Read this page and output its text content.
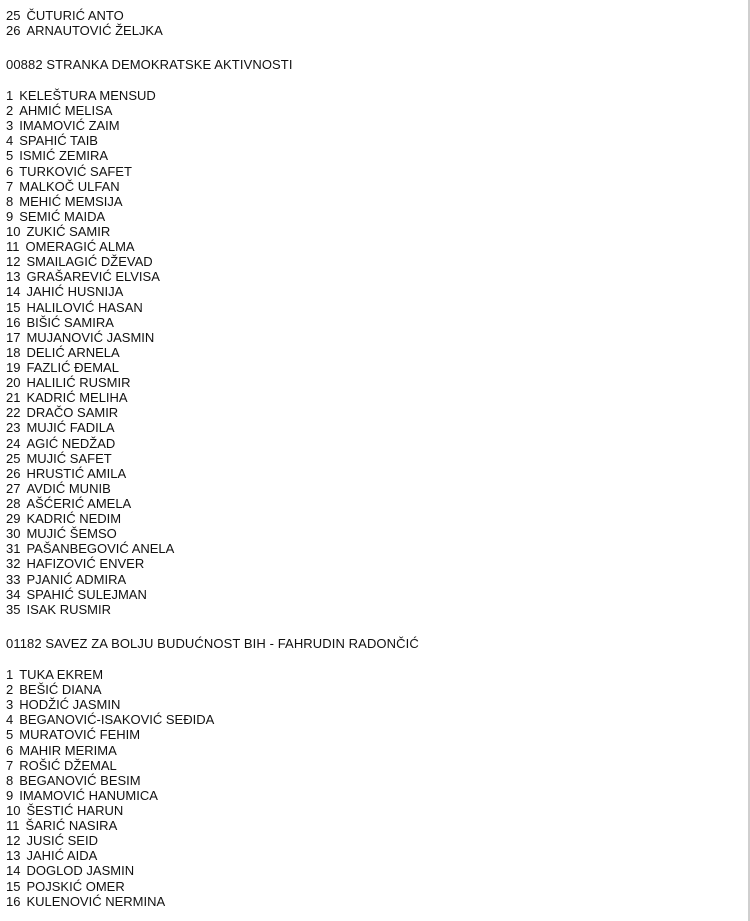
25 ČUTURIĆ ANTO
26 ARNAUTOVIĆ ŽELJKA
00882 STRANKA DEMOKRATSKE AKTIVNOSTI
1 KELEŠTURA MENSUD
2 AHMIĆ MELISA
3 IMAMOVIĆ ZAIM
4 SPAHIĆ TAIB
5 ISMIĆ ZEMIRA
6 TURKOVIĆ SAFET
7 MALKOČ ULFAN
8 MEHIĆ MEMSIJA
9 SEMIĆ MAIDA
10 ZUKIĆ SAMIR
11 OMERAGIĆ ALMA
12 SMAILAGIĆ DŽEVAD
13 GRAŠAREVIĆ ELVISA
14 JAHIĆ HUSNIJA
15 HALILOVIĆ HASAN
16 BIŠIĆ SAMIRA
17 MUJANOVIĆ JASMIN
18 DELIĆ ARNELA
19 FAZLIĆ ĐEMAL
20 HALILIĆ RUSMIR
21 KADRIĆ MELIHA
22 DRAČO SAMIR
23 MUJIĆ FADILA
24 AGIĆ NEDŽAD
25 MUJIĆ SAFET
26 HRUSTIĆ AMILA
27 AVDIĆ MUNIB
28 AŠĆERIĆ AMELA
29 KADRIĆ NEDIM
30 MUJIĆ ŠEMSO
31 PAŠANBEGOVIĆ ANELA
32 HAFIZOVIĆ ENVER
33 PJANIĆ ADMIRA
34 SPAHIĆ SULEJMAN
35 ISAK RUSMIR
01182 SAVEZ ZA BOLJU BUDUĆNOST BIH - FAHRUDIN RADONČIĆ
1 TUKA EKREM
2 BEŠIĆ DIANA
3 HODŽIĆ JASMIN
4 BEGANOVIĆ-ISAKOVIĆ SEĐIDA
5 MURATOVIĆ FEHIM
6 MAHIR MERIMA
7 ROŠIĆ DŽEMAL
8 BEGANOVIĆ BESIM
9 IMAMOVIĆ HANUMICA
10 ŠESTIĆ HARUN
11 ŠARIĆ NASIRA
12 JUSIĆ SEID
13 JAHIĆ AIDA
14 DOGLOD JASMIN
15 POJSKIĆ OMER
16 KULENOVIĆ NERMINA
